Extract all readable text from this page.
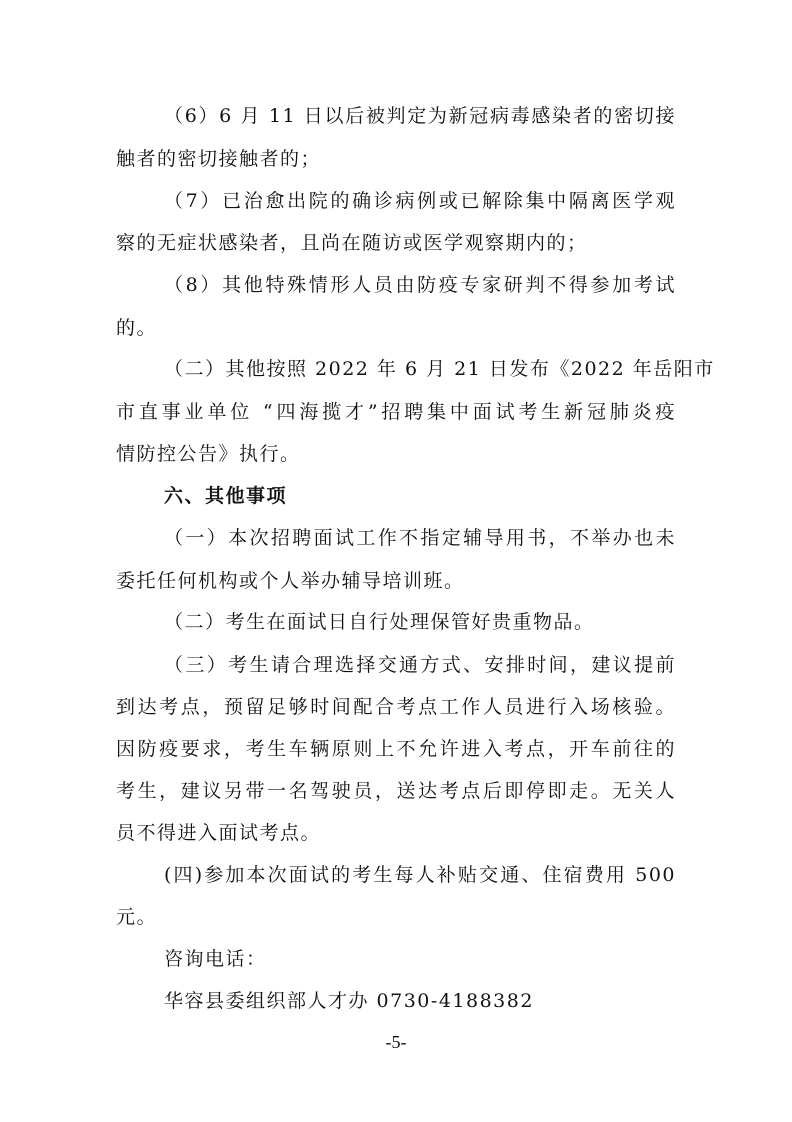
（6）6 月 11 日以后被判定为新冠病毒感染者的密切接
触者的密切接触者的；
（7）已治愈出院的确诊病例或已解除集中隔离医学观
察的无症状感染者，且尚在随访或医学观察期内的；
（8）其他特殊情形人员由防疫专家研判不得参加考试
的。
（二）其他按照 2022 年 6 月 21 日发布《2022 年岳阳市
市直事业单位 “四海揽才”招聘集中面试考生新冠肺炎疫
情防控公告》执行。
六、其他事项
（一）本次招聘面试工作不指定辅导用书，不举办也未
委托任何机构或个人举办辅导培训班。
（二）考生在面试日自行处理保管好贵重物品。
（三）考生请合理选择交通方式、安排时间，建议提前
到达考点，预留足够时间配合考点工作人员进行入场核验。
因防疫要求，考生车辆原则上不允许进入考点，开车前往的
考生，建议另带一名驾驶员，送达考点后即停即走。无关人
员不得进入面试考点。
(四)参加本次面试的考生每人补贴交通、住宿费用 500
元。
咨询电话：
华容县委组织部人才办 0730-4188382
-5-
